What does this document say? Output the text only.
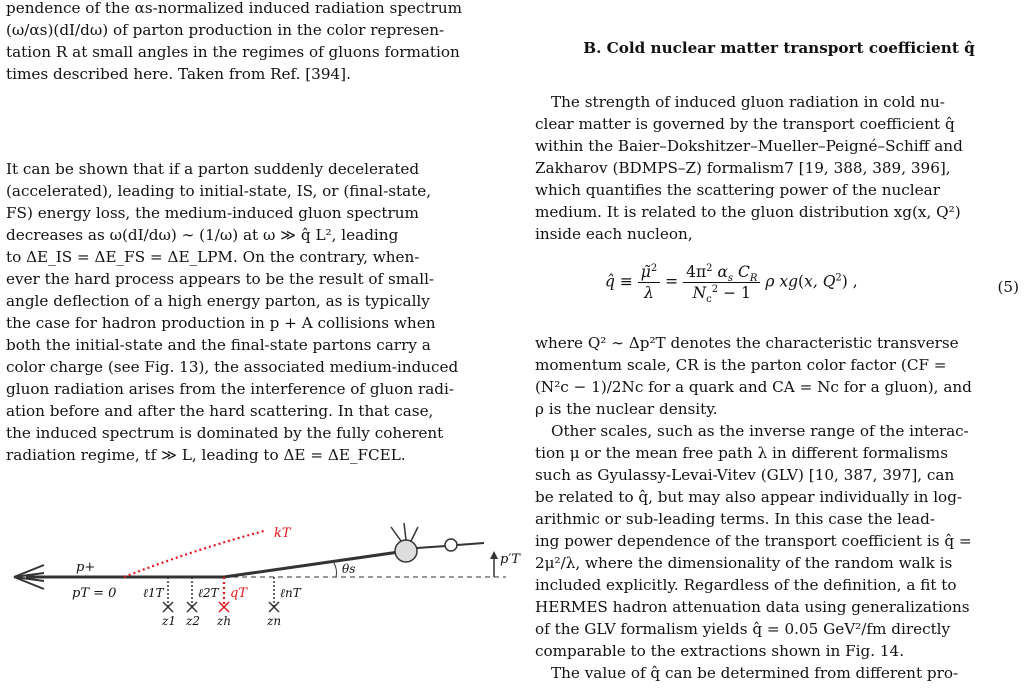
pendence of the αs-normalized induced radiation spectrum

(ω/αs)(dI/dω) of parton production in the color represen-

tation R at small angles in the regimes of gluons formation

times described here. Taken from Ref. [394].

It can be shown that if a parton suddenly decelerated

(accelerated), leading to initial-state, IS, or (final-state,

FS) energy loss, the medium-induced gluon spectrum

decreases as ω(dI/dω) ∼ (1/ω) at ω ≫ q̂ L², leading

to ΔE_IS = ΔE_FS = ΔE_LPM. On the contrary, when-

ever the hard process appears to be the result of small-

angle deflection of a high energy parton, as is typically

the case for hadron production in p + A collisions when

both the initial-state and the final-state partons carry a

color charge (see Fig. 13), the associated medium-induced

gluon radiation arises from the interference of gluon radi-

ation before and after the hard scattering. In that case,

the induced spectrum is dominated by the fully coherent

radiation regime, tf ≫ L, leading to ΔE = ΔE_FCEL.

kT
p+
pT = 0 ℓ1T	ℓ2T qT	ℓnT
z1 z2 zh	zn
θs
p′T
B. Cold nuclear matter transport coefficient q̂

The strength of induced gluon radiation in cold nu-

clear matter is governed by the transport coefficient q̂

within the Baier–Dokshitzer–Mueller–Peigné–Schiff and

Zakharov (BDMPS–Z) formalism7 [19, 388, 389, 396],

which quantifies the scattering power of the nuclear

medium. It is related to the gluon distribution xg(x, Q²)

inside each nucleon,

q̂ ≡ $\frac{\mũ^2}{\lambda} = \frac{4\pi^2 \alpha_s C_R}{N_c^2 - 1}$ ρ xg(x, $Q^2$) ,	(5)

where Q² ∼ Δp²T denotes the characteristic transverse

momentum scale, CR is the parton color factor (CF =

(N²c − 1)/2Nc for a quark and CA = Nc for a gluon), and

ρ is the nuclear density.

Other scales, such as the inverse range of the interac-

tion μ or the mean free path λ in different formalisms

such as Gyulassy-Levai-Vitev (GLV) [10, 387, 397], can

be related to q̂, but may also appear individually in log-

arithmic or sub-leading terms. In this case the lead-

ing power dependence of the transport coefficient is q̂ =

2μ²/λ, where the dimensionality of the random walk is

included explicitly. Regardless of the definition, a fit to

HERMES hadron attenuation data using generalizations

of the GLV formalism yields q̂ = 0.05 GeV²/fm directly

comparable to the extractions shown in Fig. 14.

The value of q̂ can be determined from different pro-
